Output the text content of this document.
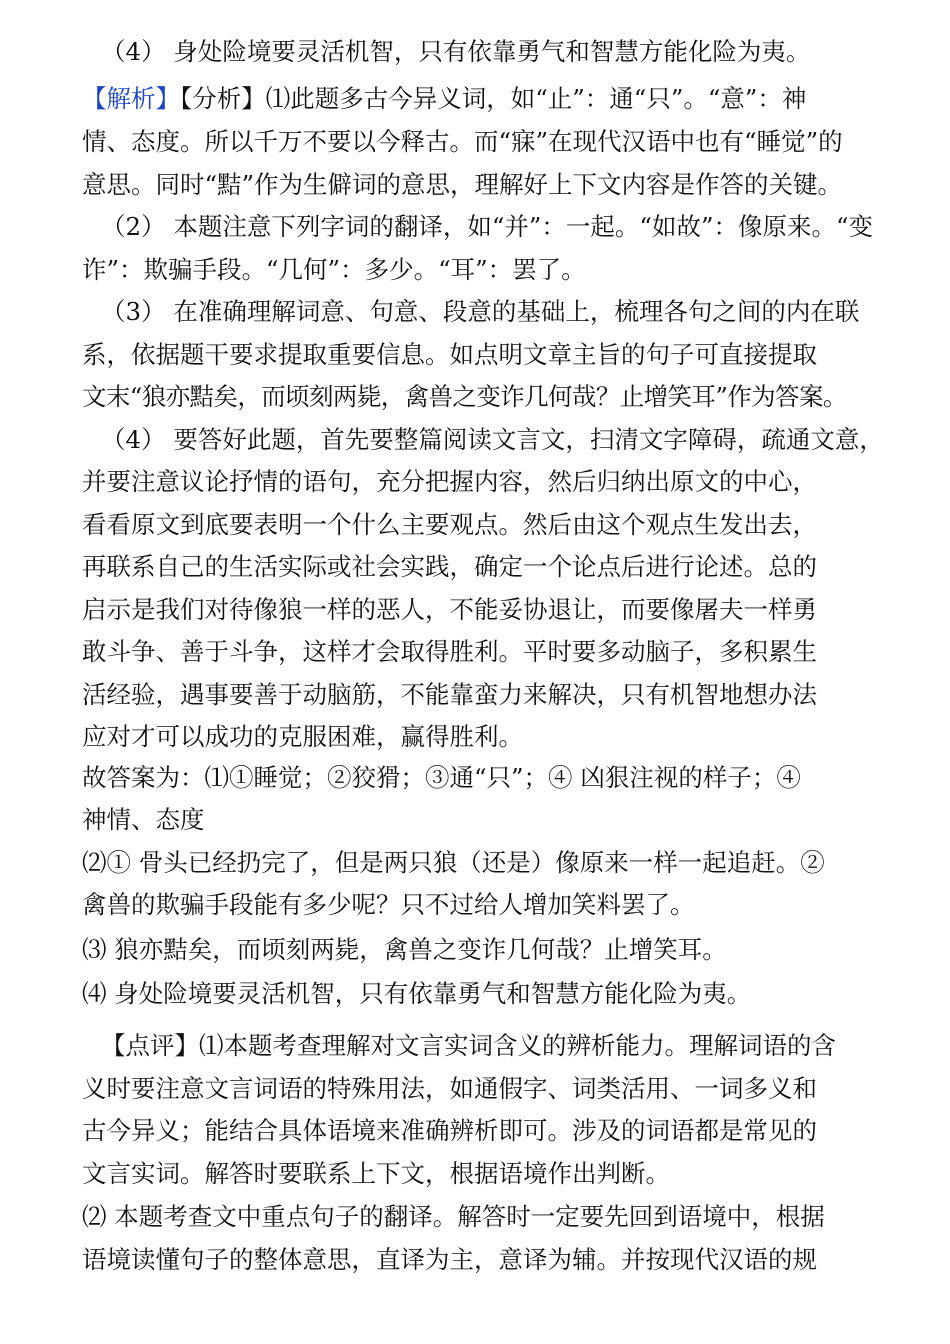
（4） 身处险境要灵活机智，只有依靠勇气和智慧方能化险为夷。
【解析】【分析】⑴此题多古今异义词，如“止”：通“只”。“意”：神
情、态度。所以千万不要以今释古。而“寐”在现代汉语中也有“睡觉”的
意思。同时“黠”作为生僻词的意思，理解好上下文内容是作答的关键。
（2） 本题注意下列字词的翻译，如“并”：一起。“如故”：像原来。“变
诈”：欺骗手段。“几何”：多少。“耳”：罢了。
（3） 在准确理解词意、句意、段意的基础上，梳理各句之间的内在联
系，依据题干要求提取重要信息。如点明文章主旨的句子可直接提取
文末“狼亦黠矣，而顷刻两毙，禽兽之变诈几何哉？止增笑耳”作为答案。
（4） 要答好此题，首先要整篇阅读文言文，扫清文字障碍，疏通文意，
并要注意议论抒情的语句，充分把握内容，然后归纳出原文的中心，
看看原文到底要表明一个什么主要观点。然后由这个观点生发出去，
再联系自己的生活实际或社会实践，确定一个论点后进行论述。总的
启示是我们对待像狼一样的恶人，不能妥协退让，而要像屠夫一样勇
敢斗争、善于斗争，这样才会取得胜利。平时要多动脑子，多积累生
活经验，遇事要善于动脑筋，不能靠蛮力来解决，只有机智地想办法
应对才可以成功的克服困难，赢得胜利。
故答案为：⑴①睡觉；②狡猾；③通“只”；④ 凶狠注视的样子；④
神情、态度
⑵① 骨头已经扔完了，但是两只狼（还是）像原来一样一起追赶。②
禽兽的欺骗手段能有多少呢？只不过给人增加笑料罢了。
⑶ 狼亦黠矣，而顷刻两毙，禽兽之变诈几何哉？止增笑耳。
⑷ 身处险境要灵活机智，只有依靠勇气和智慧方能化险为夷。
【点评】⑴本题考查理解对文言实词含义的辨析能力。理解词语的含
义时要注意文言词语的特殊用法，如通假字、词类活用、一词多义和
古今异义；能结合具体语境来准确辨析即可。涉及的词语都是常见的
文言实词。解答时要联系上下文，根据语境作出判断。
⑵ 本题考查文中重点句子的翻译。解答时一定要先回到语境中，根据
语境读懂句子的整体意思，直译为主，意译为辅。并按现代汉语的规
